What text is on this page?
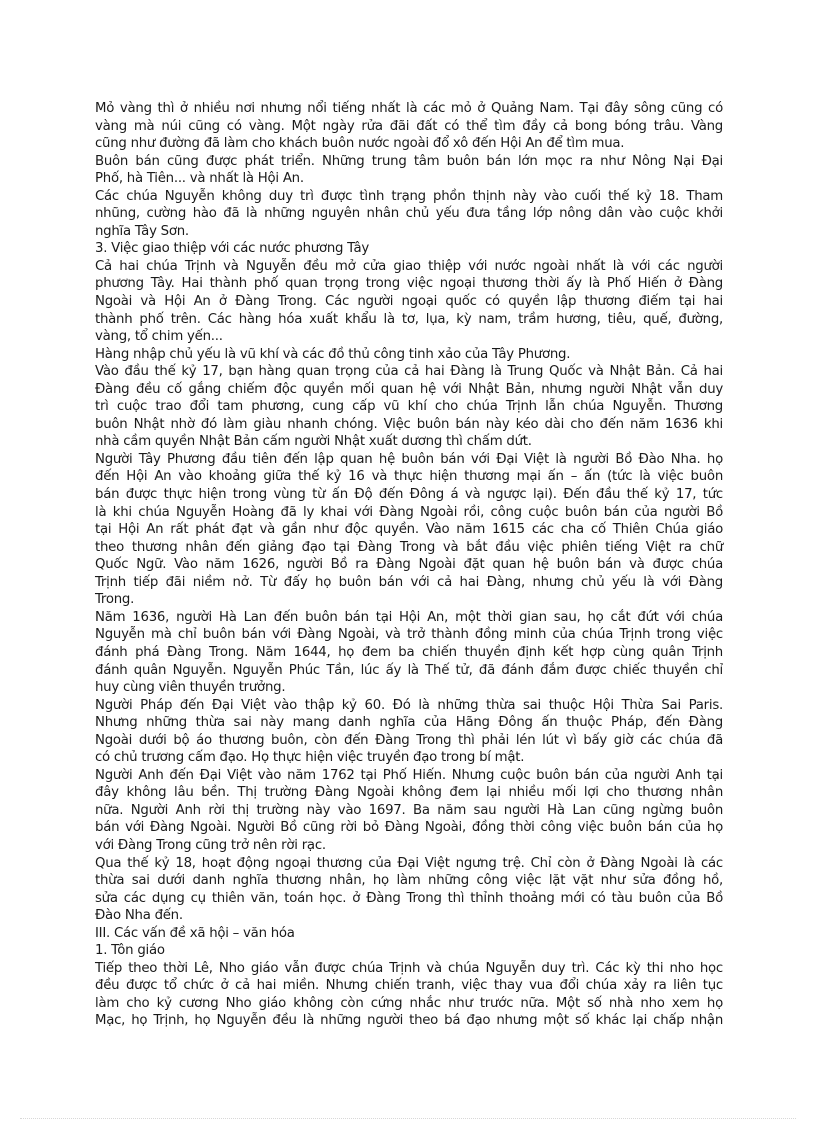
Mỏ vàng thì ở nhiều nơi nhưng nổi tiếng nhất là các mỏ ở Quảng Nam. Tại đây sông cũng có
vàng mà núi cũng có vàng. Một ngày rửa đãi đất có thể tìm đầy cả bong bóng trâu. Vàng
cũng như đường đã làm cho khách buôn nước ngoài đổ xô đến Hội An để tìm mua.
Buôn bán cũng được phát triển. Những trung tâm buôn bán lớn mọc ra như Nông Nại Đại
Phố, hà Tiên... và nhất là Hội An.
Các chúa Nguyễn không duy trì được tình trạng phồn thịnh này vào cuối thế kỷ 18. Tham
nhũng, cường hào đã là những nguyên nhân chủ yếu đưa tầng lớp nông dân vào cuộc khởi
nghĩa Tây Sơn.
3. Việc giao thiệp với các nước phương Tây
Cả hai chúa Trịnh và Nguyễn đều mở cửa giao thiệp với nước ngoài nhất là với các người
phương Tây. Hai thành phố quan trọng trong việc ngoại thương thời ấy là Phố Hiến ở Đàng
Ngoài và Hội An ở Đàng Trong. Các người ngoại quốc có quyền lập thương điếm tại hai
thành phố trên. Các hàng hóa xuất khẩu là tơ, lụa, kỳ nam, trầm hương, tiêu, quế, đường,
vàng, tổ chim yến...
Hàng nhập chủ yếu là vũ khí và các đồ thủ công tinh xảo của Tây Phương.
Vào đầu thế kỷ 17, bạn hàng quan trọng của cả hai Đàng là Trung Quốc và Nhật Bản. Cả hai
Đàng đều cố gắng chiếm độc quyền mối quan hệ với Nhật Bản, nhưng người Nhật vẫn duy
trì cuộc trao đổi tam phương, cung cấp vũ khí cho chúa Trịnh lẫn chúa Nguyễn. Thương
buôn Nhật nhờ đó làm giàu nhanh chóng. Việc buôn bán này kéo dài cho đến năm 1636 khi
nhà cầm quyền Nhật Bản cấm người Nhật xuất dương thì chấm dứt.
Người Tây Phương đầu tiên đến lập quan hệ buôn bán với Đại Việt là người Bồ Đào Nha. họ
đến Hội An vào khoảng giữa thế kỷ 16 và thực hiện thương mại ấn – ấn (tức là việc buôn
bán được thực hiện trong vùng từ ấn Độ đến Đông á và ngược lại). Đến đầu thế kỷ 17, tức
là khi chúa Nguyễn Hoàng đã ly khai với Đàng Ngoài rồi, công cuộc buôn bán của người Bồ
tại Hội An rất phát đạt và gần như độc quyền. Vào năm 1615 các cha cố Thiên Chúa giáo
theo thương nhân đến giảng đạo tại Đàng Trong và bắt đầu việc phiên tiếng Việt ra chữ
Quốc Ngữ. Vào năm 1626, người Bồ ra Đàng Ngoài đặt quan hệ buôn bán và được chúa
Trịnh tiếp đãi niềm nở. Từ đấy họ buôn bán với cả hai Đàng, nhưng chủ yếu là với Đàng
Trong.
Năm 1636, người Hà Lan đến buôn bán tại Hội An, một thời gian sau, họ cắt đứt với chúa
Nguyễn mà chỉ buôn bán với Đàng Ngoài, và trở thành đồng minh của chúa Trịnh trong việc
đánh phá Đàng Trong. Năm 1644, họ đem ba chiến thuyền định kết hợp cùng quân Trịnh
đánh quân Nguyễn. Nguyễn Phúc Tần, lúc ấy là Thế tử, đã đánh đắm được chiếc thuyền chỉ
huy cùng viên thuyền trưởng.
Người Pháp đến Đại Việt vào thập kỷ 60. Đó là những thừa sai thuộc Hội Thừa Sai Paris.
Nhưng những thừa sai này mang danh nghĩa của Hãng Đông ấn thuộc Pháp, đến Đàng
Ngoài dưới bộ áo thương buôn, còn đến Đàng Trong thì phải lén lút vì bấy giờ các chúa đã
có chủ trương cấm đạo. Họ thực hiện việc truyền đạo trong bí mật.
Người Anh đến Đại Việt vào năm 1762 tại Phố Hiến. Nhưng cuộc buôn bán của người Anh tại
đây không lâu bền. Thị trường Đàng Ngoài không đem lại nhiều mối lợi cho thương nhân
nữa. Người Anh rời thị trường này vào 1697. Ba năm sau người Hà Lan cũng ngừng buôn
bán với Đàng Ngoài. Người Bồ cũng rời bỏ Đàng Ngoài, đồng thời công việc buôn bán của họ
với Đàng Trong cũng trở nên rời rạc.
Qua thế kỷ 18, hoạt động ngoại thương của Đại Việt ngưng trệ. Chỉ còn ở Đàng Ngoài là các
thừa sai dưới danh nghĩa thương nhân, họ làm những công việc lặt vặt như sửa đồng hồ,
sửa các dụng cụ thiên văn, toán học. ở Đàng Trong thì thỉnh thoảng mới có tàu buôn của Bồ
Đào Nha đến.
III. Các vấn đề xã hội – văn hóa
1. Tôn giáo
Tiếp theo thời Lê, Nho giáo vẫn được chúa Trịnh và chúa Nguyễn duy trì. Các kỳ thi nho học
đều được tổ chức ở cả hai miền. Nhưng chiến tranh, việc thay vua đổi chúa xảy ra liên tục
làm cho kỷ cương Nho giáo không còn cứng nhắc như trước nữa. Một số nhà nho xem họ
Mạc, họ Trịnh, họ Nguyễn đều là những người theo bá đạo nhưng một số khác lại chấp nhận
